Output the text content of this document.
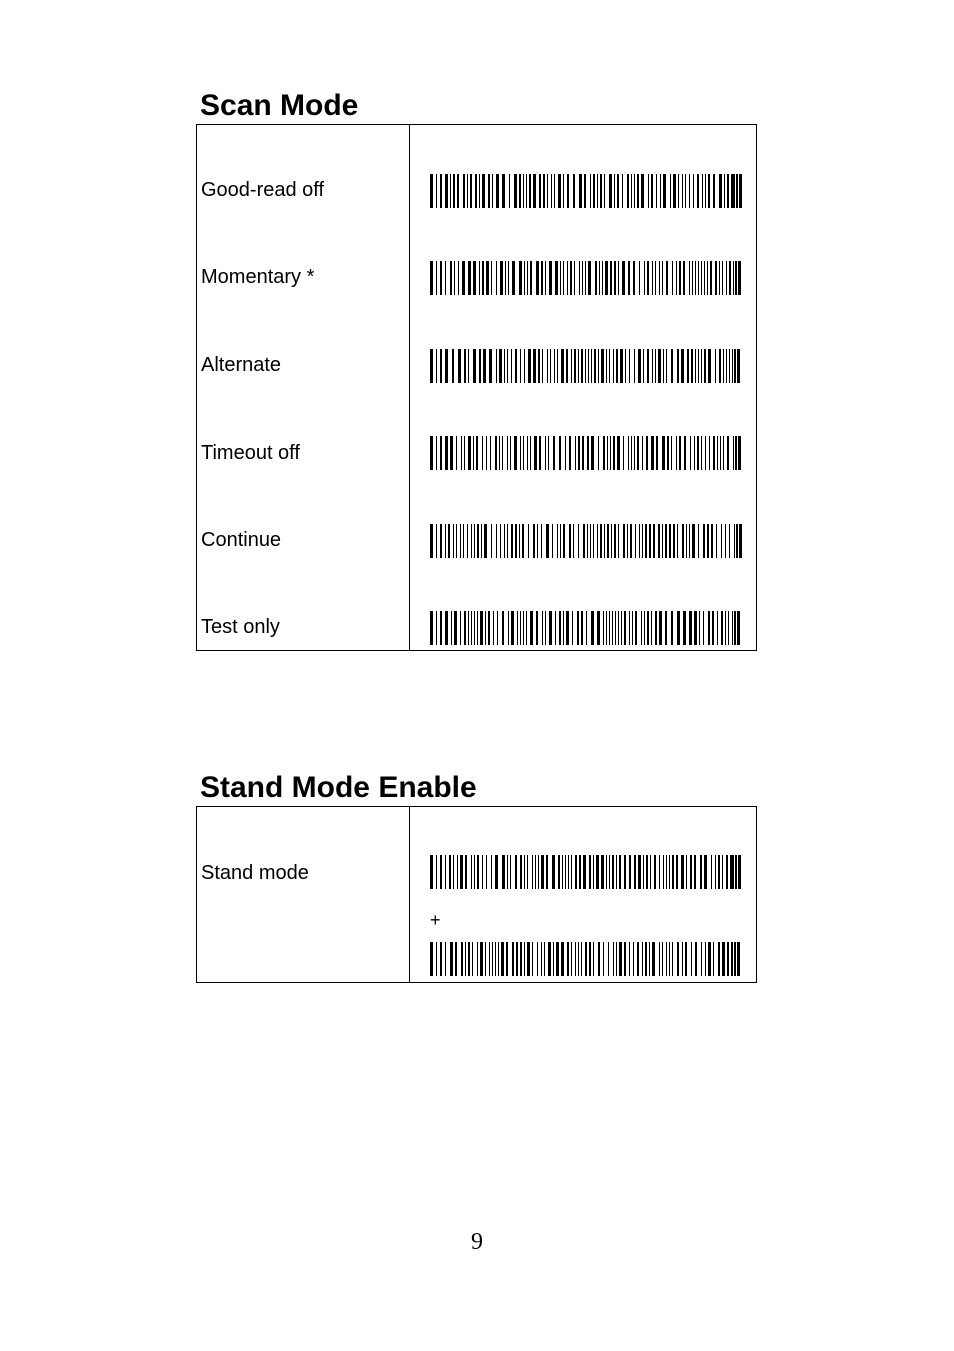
Scan Mode
Good-read off
Momentary *
Alternate
Timeout off
Continue
Test only

Stand Mode Enable
Stand mode

+
9
